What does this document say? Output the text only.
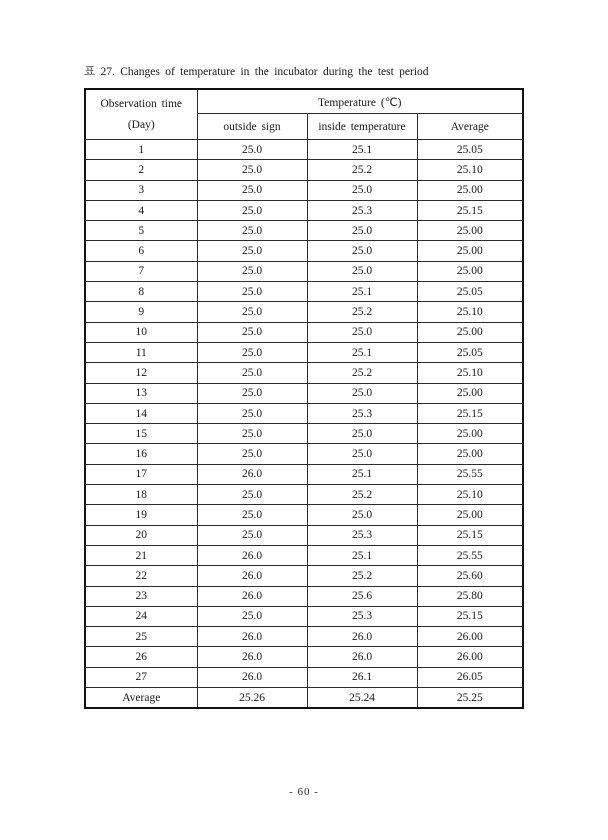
표 27. Changes of temperature in the incubator during the test period
Observation time
(Day)	Temperature (℃)		
	outside sign	inside temperature	Average
1	25.0	25.1	25.05
2	25.0	25.2	25.10
3	25.0	25.0	25.00
4	25.0	25.3	25.15
5	25.0	25.0	25.00
6	25.0	25.0	25.00
7	25.0	25.0	25.00
8	25.0	25.1	25.05
9	25.0	25.2	25.10
10	25.0	25.0	25.00
11	25.0	25.1	25.05
12	25.0	25.2	25.10
13	25.0	25.0	25.00
14	25.0	25.3	25.15
15	25.0	25.0	25.00
16	25.0	25.0	25.00
17	26.0	25.1	25.55
18	25.0	25.2	25.10
19	25.0	25.0	25.00
20	25.0	25.3	25.15
21	26.0	25.1	25.55
22	26.0	25.2	25.60
23	26.0	25.6	25.80
24	25.0	25.3	25.15
25	26.0	26.0	26.00
26	26.0	26.0	26.00
27	26.0	26.1	26.05
Average	25.26	25.24	25.25
- 60 -
